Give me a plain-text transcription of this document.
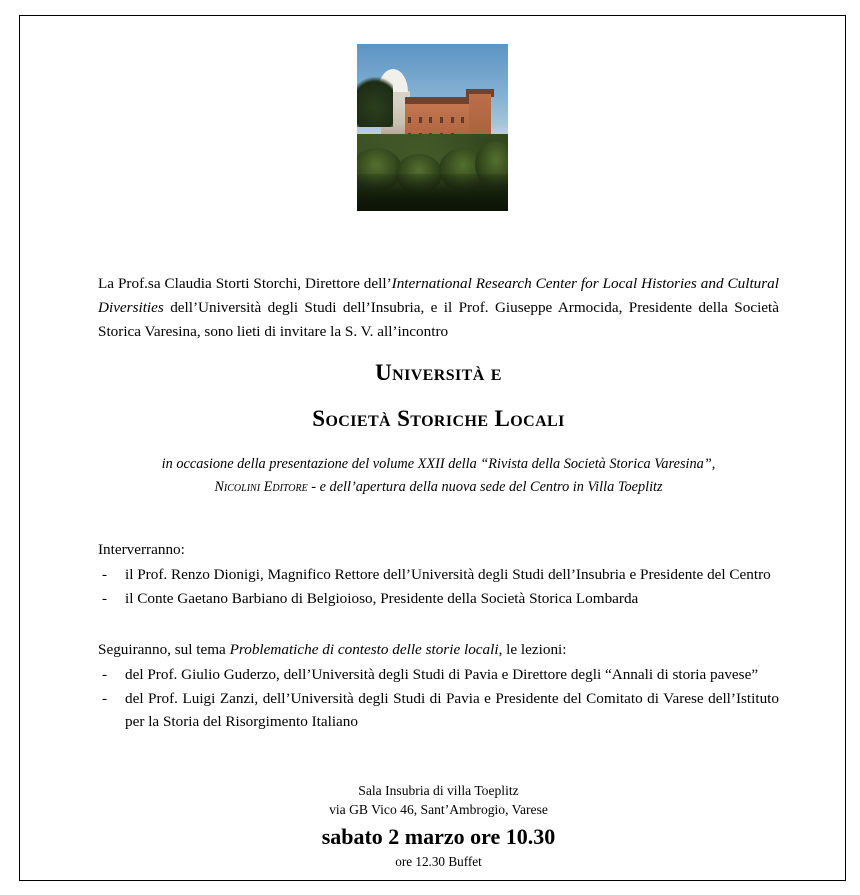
La Prof.sa Claudia Storti Storchi, Direttore dell’International Research Center for Local Histories and Cultural Diversities dell’Università degli Studi dell’Insubria, e il Prof. Giuseppe Armocida, Presidente della Società Storica Varesina, sono lieti di invitare la S. V. all’incontro

Università e
Società Storiche Locali
in occasione della presentazione del volume XXII della “Rivista della Società Storica Varesina”,
Nicolini Editore - e dell’apertura della nuova sede del Centro in Villa Toeplitz

Interverranno:

- il Prof. Renzo Dionigi, Magnifico Rettore dell’Università degli Studi dell’Insubria e Presidente del Centro
- il Conte Gaetano Barbiano di Belgioioso, Presidente della Società Storica Lombarda

Seguiranno, sul tema Problematiche di contesto delle storie locali, le lezioni:

- del Prof. Giulio Guderzo, dell’Università degli Studi di Pavia e Direttore degli “Annali di storia pavese”
- del Prof. Luigi Zanzi, dell’Università degli Studi di Pavia e Presidente del Comitato di Varese dell’Istituto per la Storia del Risorgimento Italiano
Sala Insubria di villa Toeplitz
via GB Vico 46, Sant’Ambrogio, Varese
sabato 2 marzo ore 10.30
ore 12.30 Buffet
